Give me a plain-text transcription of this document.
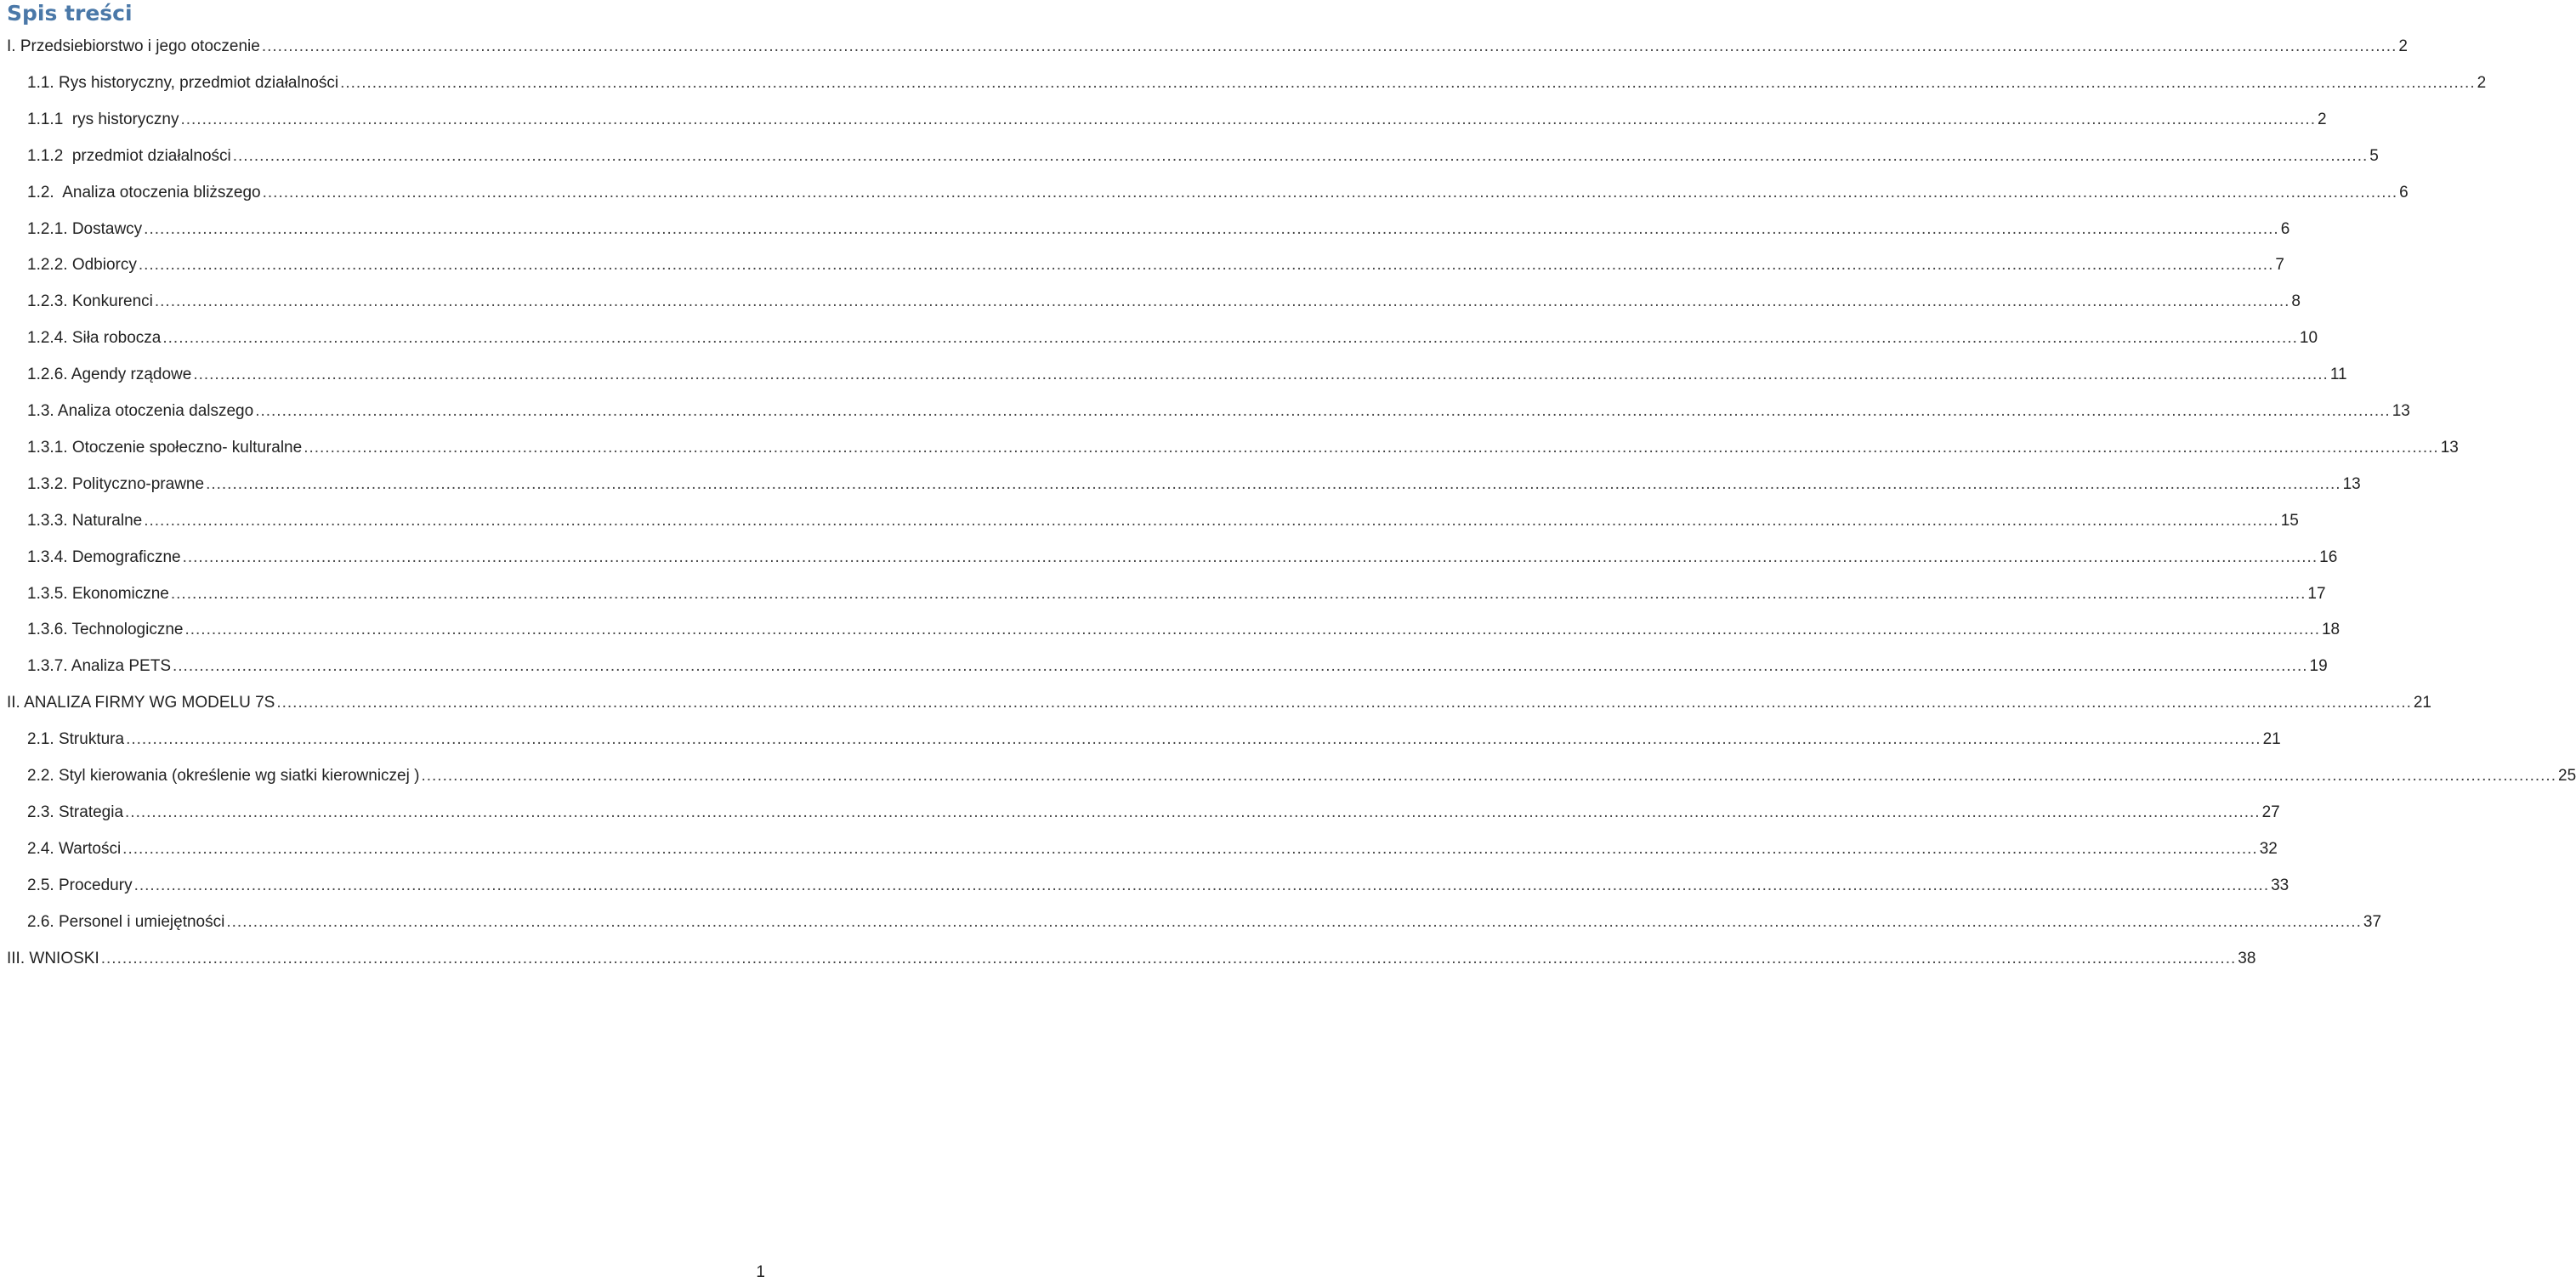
Spis treści
I. Przedsiebiorstwo i jego otoczenie ................................................................................................................................................................................................................................................................................................................................................................................................................ 2
1.1. Rys historyczny, przedmiot działalności ................................................................................................................................................................................................................................................................................................................................................................................................................ 2
1.1.1  rys historyczny ................................................................................................................................................................................................................................................................................................................................................................................................................ 2
1.1.2  przedmiot działalności ................................................................................................................................................................................................................................................................................................................................................................................................................ 5
1.2.  Analiza otoczenia bliższego ................................................................................................................................................................................................................................................................................................................................................................................................................ 6
1.2.1. Dostawcy ................................................................................................................................................................................................................................................................................................................................................................................................................ 6
1.2.2. Odbiorcy ................................................................................................................................................................................................................................................................................................................................................................................................................ 7
1.2.3. Konkurenci ................................................................................................................................................................................................................................................................................................................................................................................................................ 8
1.2.4. Siła robocza ................................................................................................................................................................................................................................................................................................................................................................................................................ 10
1.2.6. Agendy rządowe ................................................................................................................................................................................................................................................................................................................................................................................................................ 11
1.3. Analiza otoczenia dalszego ................................................................................................................................................................................................................................................................................................................................................................................................................ 13
1.3.1. Otoczenie społeczno- kulturalne ................................................................................................................................................................................................................................................................................................................................................................................................................ 13
1.3.2. Polityczno-prawne ................................................................................................................................................................................................................................................................................................................................................................................................................ 13
1.3.3. Naturalne ................................................................................................................................................................................................................................................................................................................................................................................................................ 15
1.3.4. Demograficzne ................................................................................................................................................................................................................................................................................................................................................................................................................ 16
1.3.5. Ekonomiczne ................................................................................................................................................................................................................................................................................................................................................................................................................ 17
1.3.6. Technologiczne ................................................................................................................................................................................................................................................................................................................................................................................................................ 18
1.3.7. Analiza PETS ................................................................................................................................................................................................................................................................................................................................................................................................................ 19
II. ANALIZA FIRMY WG MODELU 7S ................................................................................................................................................................................................................................................................................................................................................................................................................ 21
2.1. Struktura ................................................................................................................................................................................................................................................................................................................................................................................................................ 21
2.2. Styl kierowania (określenie wg siatki kierowniczej ) ................................................................................................................................................................................................................................................................................................................................................................................................................ 25
2.3. Strategia ................................................................................................................................................................................................................................................................................................................................................................................................................ 27
2.4. Wartości ................................................................................................................................................................................................................................................................................................................................................................................................................ 32
2.5. Procedury ................................................................................................................................................................................................................................................................................................................................................................................................................ 33
2.6. Personel i umiejętności ................................................................................................................................................................................................................................................................................................................................................................................................................ 37
III. WNIOSKI ................................................................................................................................................................................................................................................................................................................................................................................................................ 38
1
